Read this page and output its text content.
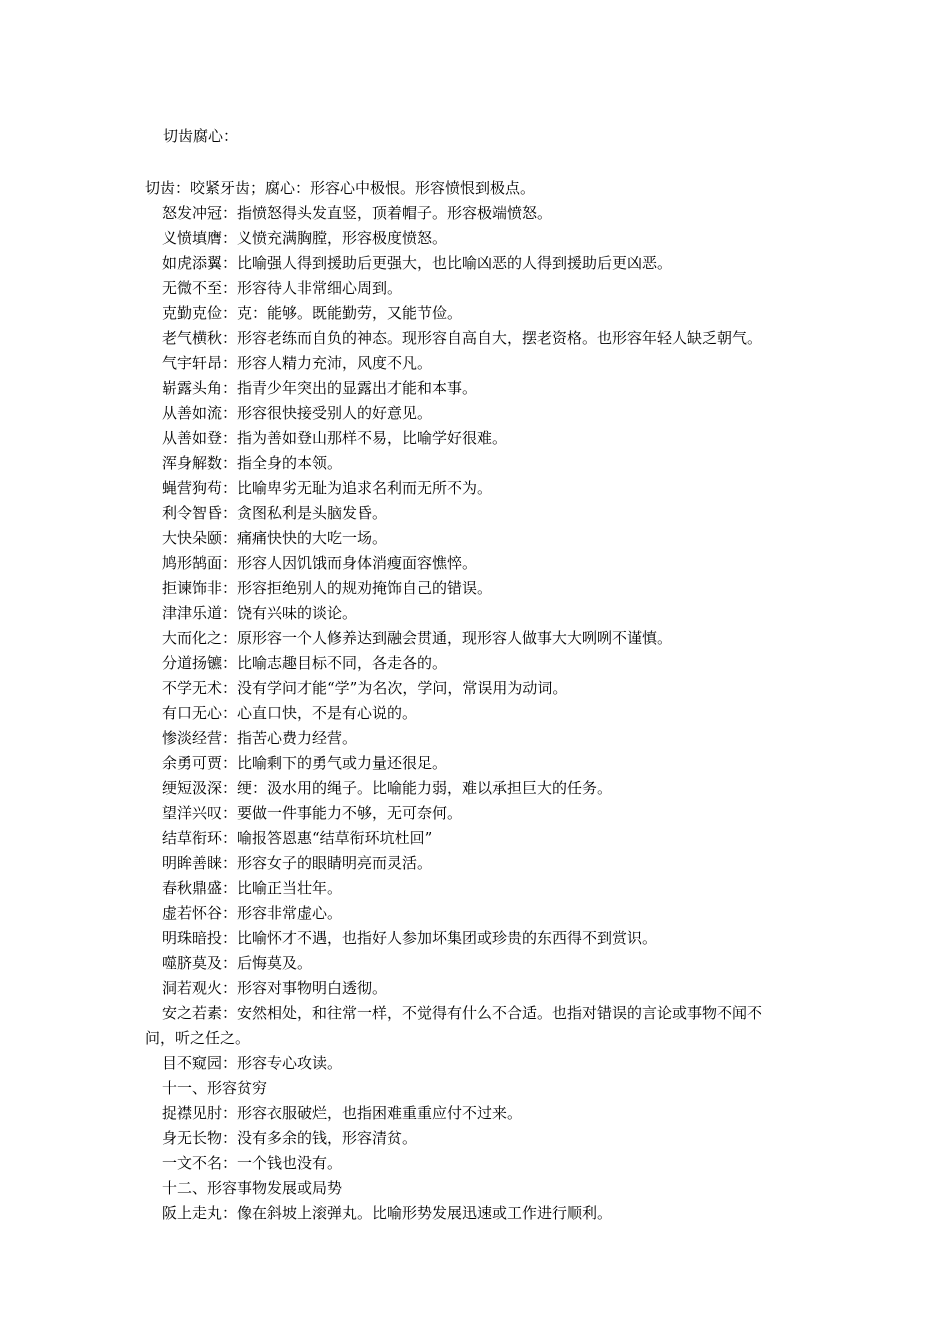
切齿腐心：
切齿：咬紧牙齿；腐心：形容心中极恨。形容愤恨到极点。
怒发冲冠：指愤怒得头发直竖，顶着帽子。形容极端愤怒。
义愤填膺：义愤充满胸膛，形容极度愤怒。
如虎添翼：比喻强人得到援助后更强大，也比喻凶恶的人得到援助后更凶恶。
无微不至：形容待人非常细心周到。
克勤克俭：克：能够。既能勤劳，又能节俭。
老气横秋：形容老练而自负的神态。现形容自高自大，摆老资格。也形容年轻人缺乏朝气。
气宇轩昂：形容人精力充沛，风度不凡。
崭露头角：指青少年突出的显露出才能和本事。
从善如流：形容很快接受别人的好意见。
从善如登：指为善如登山那样不易，比喻学好很难。
浑身解数：指全身的本领。
蝇营狗苟：比喻卑劣无耻为追求名利而无所不为。
利令智昏：贪图私利是头脑发昏。
大快朵颐：痛痛快快的大吃一场。
鸠形鹄面：形容人因饥饿而身体消瘦面容憔悴。
拒谏饰非：形容拒绝别人的规劝掩饰自己的错误。
津津乐道：饶有兴味的谈论。
大而化之：原形容一个人修养达到融会贯通，现形容人做事大大咧咧不谨慎。
分道扬镳：比喻志趣目标不同，各走各的。
不学无术：没有学问才能“学”为名次，学问，常误用为动词。
有口无心：心直口快，不是有心说的。
惨淡经营：指苦心费力经营。
余勇可贾：比喻剩下的勇气或力量还很足。
绠短汲深：绠：汲水用的绳子。比喻能力弱，难以承担巨大的任务。
望洋兴叹：要做一件事能力不够，无可奈何。
结草衔环：喻报答恩惠“结草衔环坑杜回”
明眸善睐：形容女子的眼睛明亮而灵活。
春秋鼎盛：比喻正当壮年。
虚若怀谷：形容非常虚心。
明珠暗投：比喻怀才不遇，也指好人参加坏集团或珍贵的东西得不到赏识。
噬脐莫及：后悔莫及。
洞若观火：形容对事物明白透彻。
安之若素：安然相处，和往常一样，不觉得有什么不合适。也指对错误的言论或事物不闻不
问，听之任之。
目不窥园：形容专心攻读。
十一、形容贫穷
捉襟见肘：形容衣服破烂，也指困难重重应付不过来。
身无长物：没有多余的钱，形容清贫。
一文不名：一个钱也没有。
十二、形容事物发展或局势
阪上走丸：像在斜坡上滚弹丸。比喻形势发展迅速或工作进行顺利。
